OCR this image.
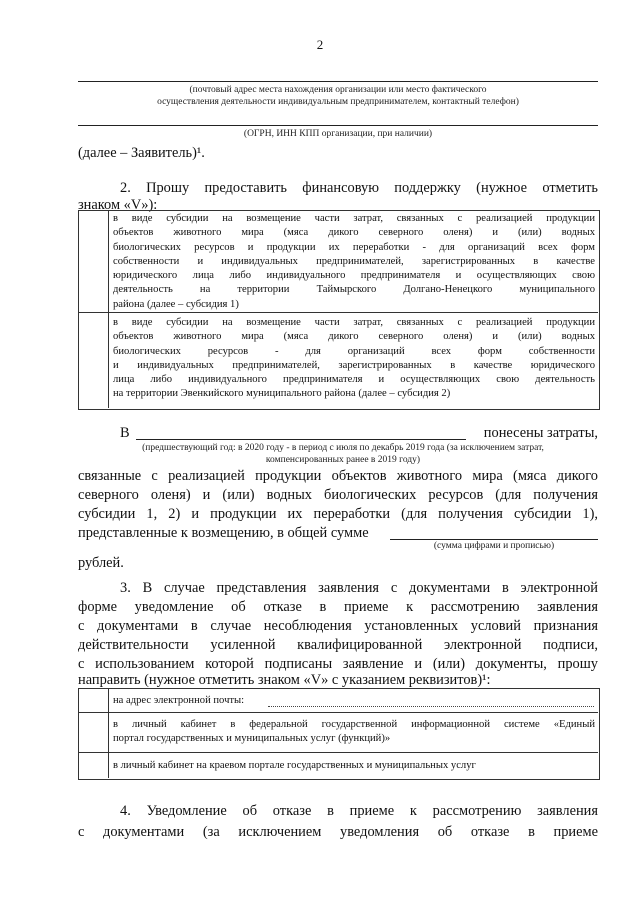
2
(почтовый адрес места нахождения организации или место фактического
осуществления деятельности индивидуальным предпринимателем, контактный телефон)
(ОГРН, ИНН КПП организации, при наличии)
(далее – Заявитель)¹.
2. Прошу предоставить финансовую поддержку (нужное отметить
знаком «V»):
в виде субсидии на возмещение части затрат, связанных с реализацией продукции
объектов животного мира (мяса дикого северного оленя) и (или) водных
биологических ресурсов и продукции их переработки - для организаций всех форм
собственности и индивидуальных предпринимателей, зарегистрированных в качестве
юридического лица либо индивидуального предпринимателя и осуществляющих свою
деятельность на территории Таймырского Долгано-Ненецкого муниципального
района (далее – субсидия 1)
в виде субсидии на возмещение части затрат, связанных с реализацией продукции
объектов животного мира (мяса дикого северного оленя) и (или) водных
биологических ресурсов - для организаций всех форм собственности
и индивидуальных предпринимателей, зарегистрированных в качестве юридического
лица либо индивидуального предпринимателя и осуществляющих свою деятельность
на территории Эвенкийского муниципального района (далее – субсидия 2)
В	понесены затраты,
(предшествующий год: в 2020 году - в период с июля по декабрь 2019 года (за исключением затрат,
компенсированных ранее в 2019 году)
связанные с реализацией продукции объектов животного мира (мяса дикого
северного оленя) и (или) водных биологических ресурсов (для получения
субсидии 1, 2) и продукции их переработки (для получения субсидии 1),
представленные к возмещению, в общей сумме
(сумма цифрами и прописью)
рублей.
3. В случае представления заявления с документами в электронной
форме уведомление об отказе в приеме к рассмотрению заявления
с документами в случае несоблюдения установленных условий признания
действительности усиленной квалифицированной электронной подписи,
с использованием которой подписаны заявление и (или) документы, прошу
направить (нужное отметить знаком «V» с указанием реквизитов)¹:
на адрес электронной почты:
в личный кабинет в федеральной государственной информационной системе «Единый
портал государственных и муниципальных услуг (функций)»
в личный кабинет на краевом портале государственных и муниципальных услуг
4. Уведомление об отказе в приеме к рассмотрению заявления
с документами (за исключением уведомления об отказе в приеме
